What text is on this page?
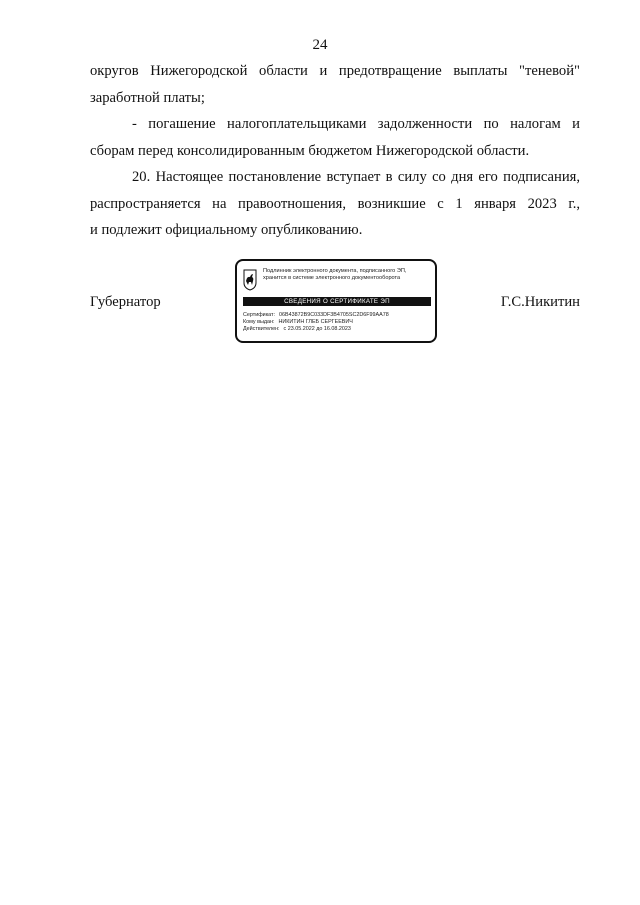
24

округов Нижегородской области и предотвращение выплаты "теневой"
заработной платы;

- погашение налогоплательщиками задолженности по налогам и
сборам перед консолидированным бюджетом Нижегородской области.

20. Настоящее постановление вступает в силу со дня его подписания,
распространяется на правоотношения, возникшие с 1 января 2023 г.,
и подлежит официальному опубликованию.

Губернатор
Подлинник электронного документа, подписанного ЭП,
хранится в системе электронного документооборота
СВЕДЕНИЯ О СЕРТИФИКАТЕ ЭП
Сертификат: 06B43872B9C033DF3B4705SC2D6F99AA78
Кому выдан: НИКИТИН ГЛЕБ СЕРГЕЕВИЧ
Действителен: с 23.05.2022 до 16.08.2023
Г.С.Никитин
